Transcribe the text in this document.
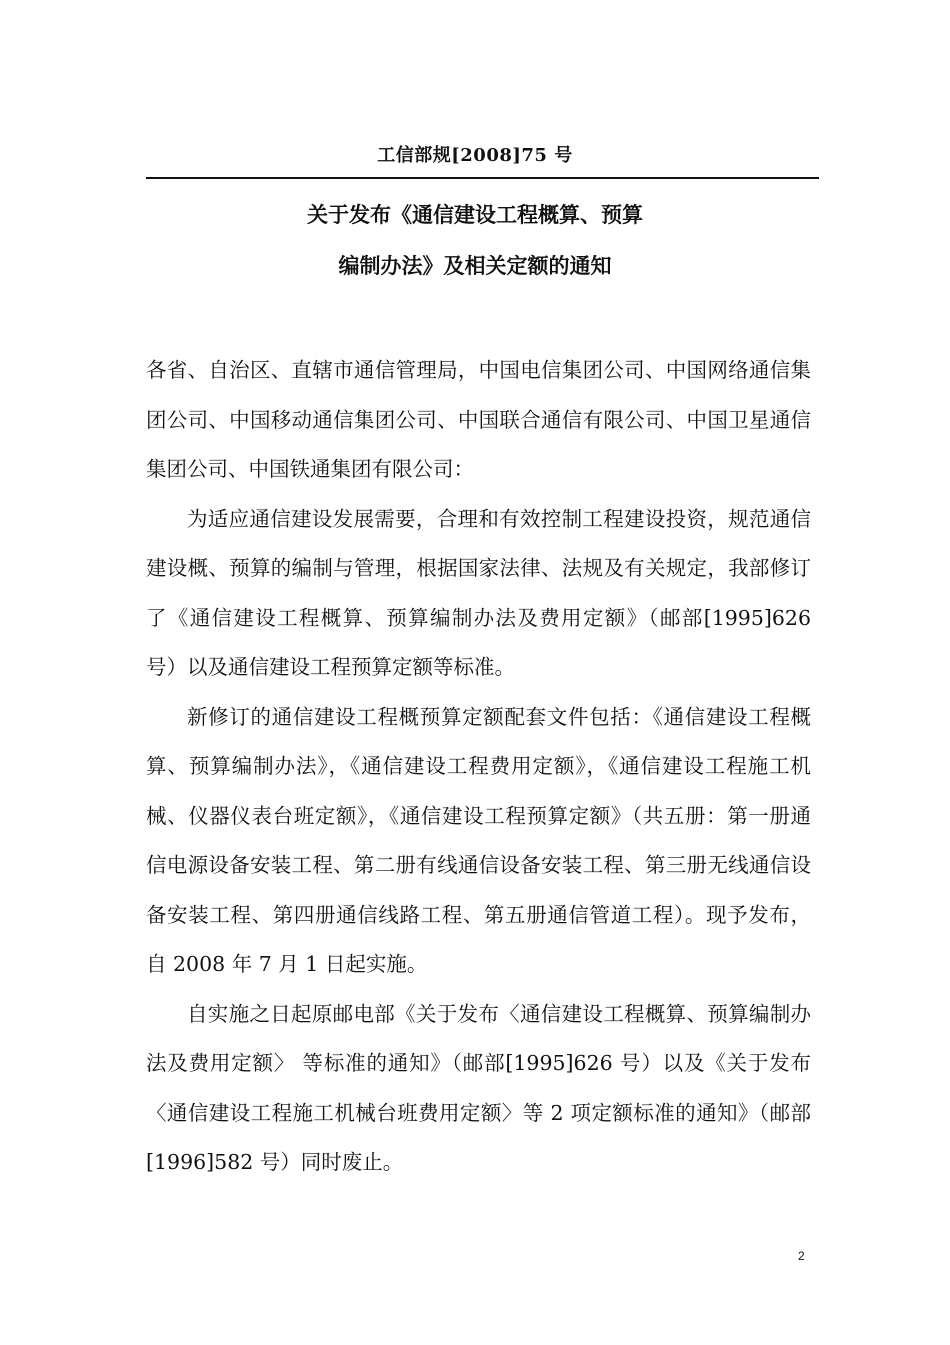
工信部规[2008]75 号
关于发布《通信建设工程概算、预算
编制办法》及相关定额的通知

各省、自治区、直辖市通信管理局，中国电信集团公司、中国网络通信集团公司、中国移动通信集团公司、中国联合通信有限公司、中国卫星通信集团公司、中国铁通集团有限公司：

为适应通信建设发展需要，合理和有效控制工程建设投资，规范通信建设概、预算的编制与管理，根据国家法律、法规及有关规定，我部修订了《通信建设工程概算、预算编制办法及费用定额》（邮部[1995]626 号）以及通信建设工程预算定额等标准。

新修订的通信建设工程概预算定额配套文件包括：《通信建设工程概算、预算编制办法》，《通信建设工程费用定额》，《通信建设工程施工机械、仪器仪表台班定额》，《通信建设工程预算定额》（共五册：第一册通信电源设备安装工程、第二册有线通信设备安装工程、第三册无线通信设备安装工程、第四册通信线路工程、第五册通信管道工程）。现予发布，自 2008 年 7 月 1 日起实施。

自实施之日起原邮电部《关于发布〈通信建设工程概算、预算编制办法及费用定额〉 等标准的通知》（邮部[1995]626 号）以及《关于发布〈通信建设工程施工机械台班费用定额〉等 2 项定额标准的通知》（邮部[1996]582 号）同时废止。

2
